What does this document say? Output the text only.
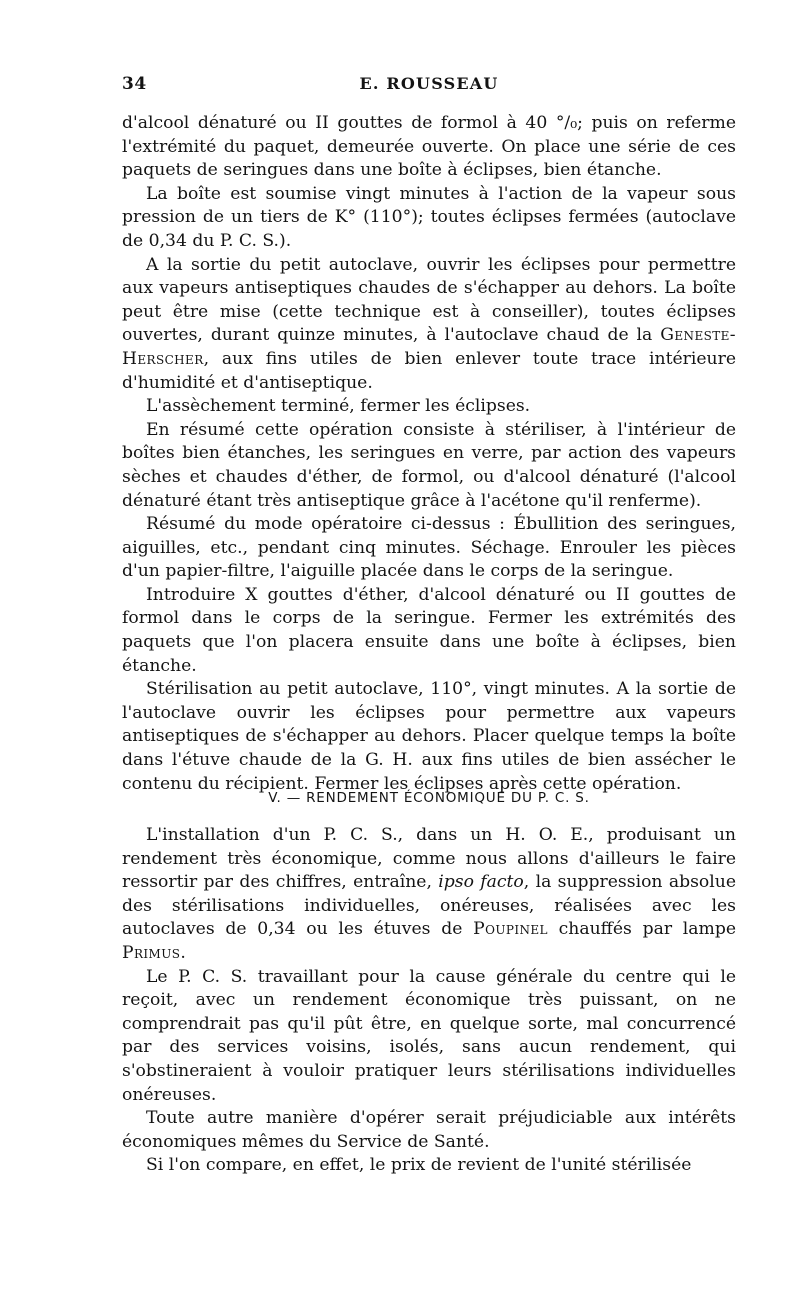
34	E. ROUSSEAU

d'alcool dénaturé ou II gouttes de formol à 40 °/₀; puis on referme l'extrémité du paquet, demeurée ouverte. On place une série de ces paquets de seringues dans une boîte à éclipses, bien étanche.

La boîte est soumise vingt minutes à l'action de la vapeur sous pression de un tiers de K° (110°); toutes éclipses fermées (autoclave de 0,34 du P. C. S.).

A la sortie du petit autoclave, ouvrir les éclipses pour permettre aux vapeurs antiseptiques chaudes de s'échapper au dehors. La boîte peut être mise (cette technique est à conseiller), toutes éclipses ouvertes, durant quinze minutes, à l'autoclave chaud de la Geneste-Herscher, aux fins utiles de bien enlever toute trace intérieure d'humidité et d'antiseptique.

L'assèchement terminé, fermer les éclipses.

En résumé cette opération consiste à stériliser, à l'intérieur de boîtes bien étanches, les seringues en verre, par action des vapeurs sèches et chaudes d'éther, de formol, ou d'alcool dénaturé (l'alcool dénaturé étant très antiseptique grâce à l'acétone qu'il renferme).

Résumé du mode opératoire ci-dessus : Ébullition des seringues, aiguilles, etc., pendant cinq minutes. Séchage. Enrouler les pièces d'un papier-filtre, l'aiguille placée dans le corps de la seringue.

Introduire X gouttes d'éther, d'alcool dénaturé ou II gouttes de formol dans le corps de la seringue. Fermer les extrémités des paquets que l'on placera ensuite dans une boîte à éclipses, bien étanche.

Stérilisation au petit autoclave, 110°, vingt minutes. A la sortie de l'autoclave ouvrir les éclipses pour permettre aux vapeurs antiseptiques de s'échapper au dehors. Placer quelque temps la boîte dans l'étuve chaude de la G. H. aux fins utiles de bien assécher le contenu du récipient. Fermer les éclipses après cette opération.

V. — RENDEMENT ÉCONOMIQUE DU P. C. S.

L'installation d'un P. C. S., dans un H. O. E., produisant un rendement très économique, comme nous allons d'ailleurs le faire ressortir par des chiffres, entraîne, ipso facto, la suppression absolue des stérilisations individuelles, onéreuses, réalisées avec les autoclaves de 0,34 ou les étuves de Poupinel chauffés par lampe Primus.

Le P. C. S. travaillant pour la cause générale du centre qui le reçoit, avec un rendement économique très puissant, on ne comprendrait pas qu'il pût être, en quelque sorte, mal concurrencé par des services voisins, isolés, sans aucun rendement, qui s'obstineraient à vouloir pratiquer leurs stérilisations individuelles onéreuses.

Toute autre manière d'opérer serait préjudiciable aux intérêts économiques mêmes du Service de Santé.

Si l'on compare, en effet, le prix de revient de l'unité stérilisée
